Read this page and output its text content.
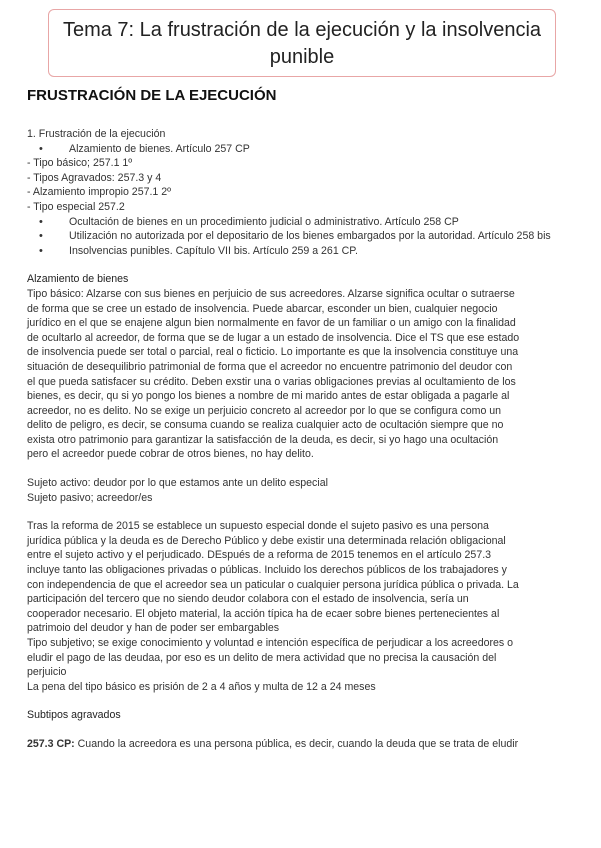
Tema 7: La frustración de la ejecución y la insolvencia punible
FRUSTRACIÓN DE LA EJECUCIÓN
1. Frustración de la ejecución
• Alzamiento de bienes. Artículo 257 CP
- Tipo básico; 257.1 1º
- Tipos Agravados: 257.3 y 4
- Alzamiento impropio 257.1 2º
- Tipo especial 257.2
• Ocultación de bienes en un procedimiento judicial o administrativo. Artículo 258 CP
• Utilización no autorizada por el depositario de los bienes embargados por la autoridad. Artículo 258 bis
• Insolvencias punibles. Capítulo VII bis. Artículo 259 a 261 CP.
Alzamiento de bienes
Tipo básico: Alzarse con sus bienes en perjuicio de sus acreedores. Alzarse significa ocultar o sutraerse
de forma que se cree un estado de insolvencia. Puede abarcar, esconder un bien, cualquier negocio
jurídico en el que se enajene algun bien normalmente en favor de un familiar o un amigo con la finalidad
de ocultarlo al acreedor, de forma que se de lugar a un estado de insolvencia. Dice el TS que ese estado
de insolvencia puede ser total o parcial, real o ficticio. Lo importante es que la insolvencia constituye una
situación de desequilibrio patrimonial de forma que el acreedor no encuentre patrimonio del deudor con
el que pueda satisfacer su crédito. Deben exstir una o varias obligaciones previas al ocultamiento de los
bienes, es decir, qu si yo pongo los bienes a nombre de mi marido antes de estar obligada a pagarle al
acreedor, no es delito. No se exige un perjuicio concreto al acreedor por lo que se configura como un
delito de peligro, es decir, se consuma cuando se realiza cualquier acto de ocultación siempre que no
exista otro patrimonio para garantizar la satisfacción de la deuda, es decir, si yo hago una ocultación
pero el acreedor puede cobrar de otros bienes, no hay delito.
Sujeto activo: deudor por lo que estamos ante un delito especial
Sujeto pasivo; acreedor/es
Tras la reforma de 2015 se establece un supuesto especial donde el sujeto pasivo es una persona
jurídica pública y la deuda es de Derecho Público y debe existir una determinada relación obligacional
entre el sujeto activo y el perjudicado. DEspués de a reforma de 2015 tenemos en el artículo 257.3
incluye tanto las obligaciones privadas o públicas. Incluido los derechos públicos de los trabajadores y
con independencia de que el acreedor sea un paticular o cualquier persona jurídica pública o privada. La
participación del tercero que no siendo deudor colabora con el estado de insolvencia, sería un
cooperador necesario. El objeto material, la acción típica ha de ecaer sobre bienes pertenecientes al
patrimoio del deudor y han de poder ser embargables
Tipo subjetivo; se exige conocimiento y voluntad e intención específica de perjudicar a los acreedores o
eludir el pago de las deudaa, por eso es un delito de mera actividad que no precisa la causación del
perjuicio
La pena del tipo básico es prisión de 2 a 4 años y multa de 12 a 24 meses
Subtipos agravados
257.3 CP: Cuando la acreedora es una persona pública, es decir, cuando la deuda que se trata de eludir
